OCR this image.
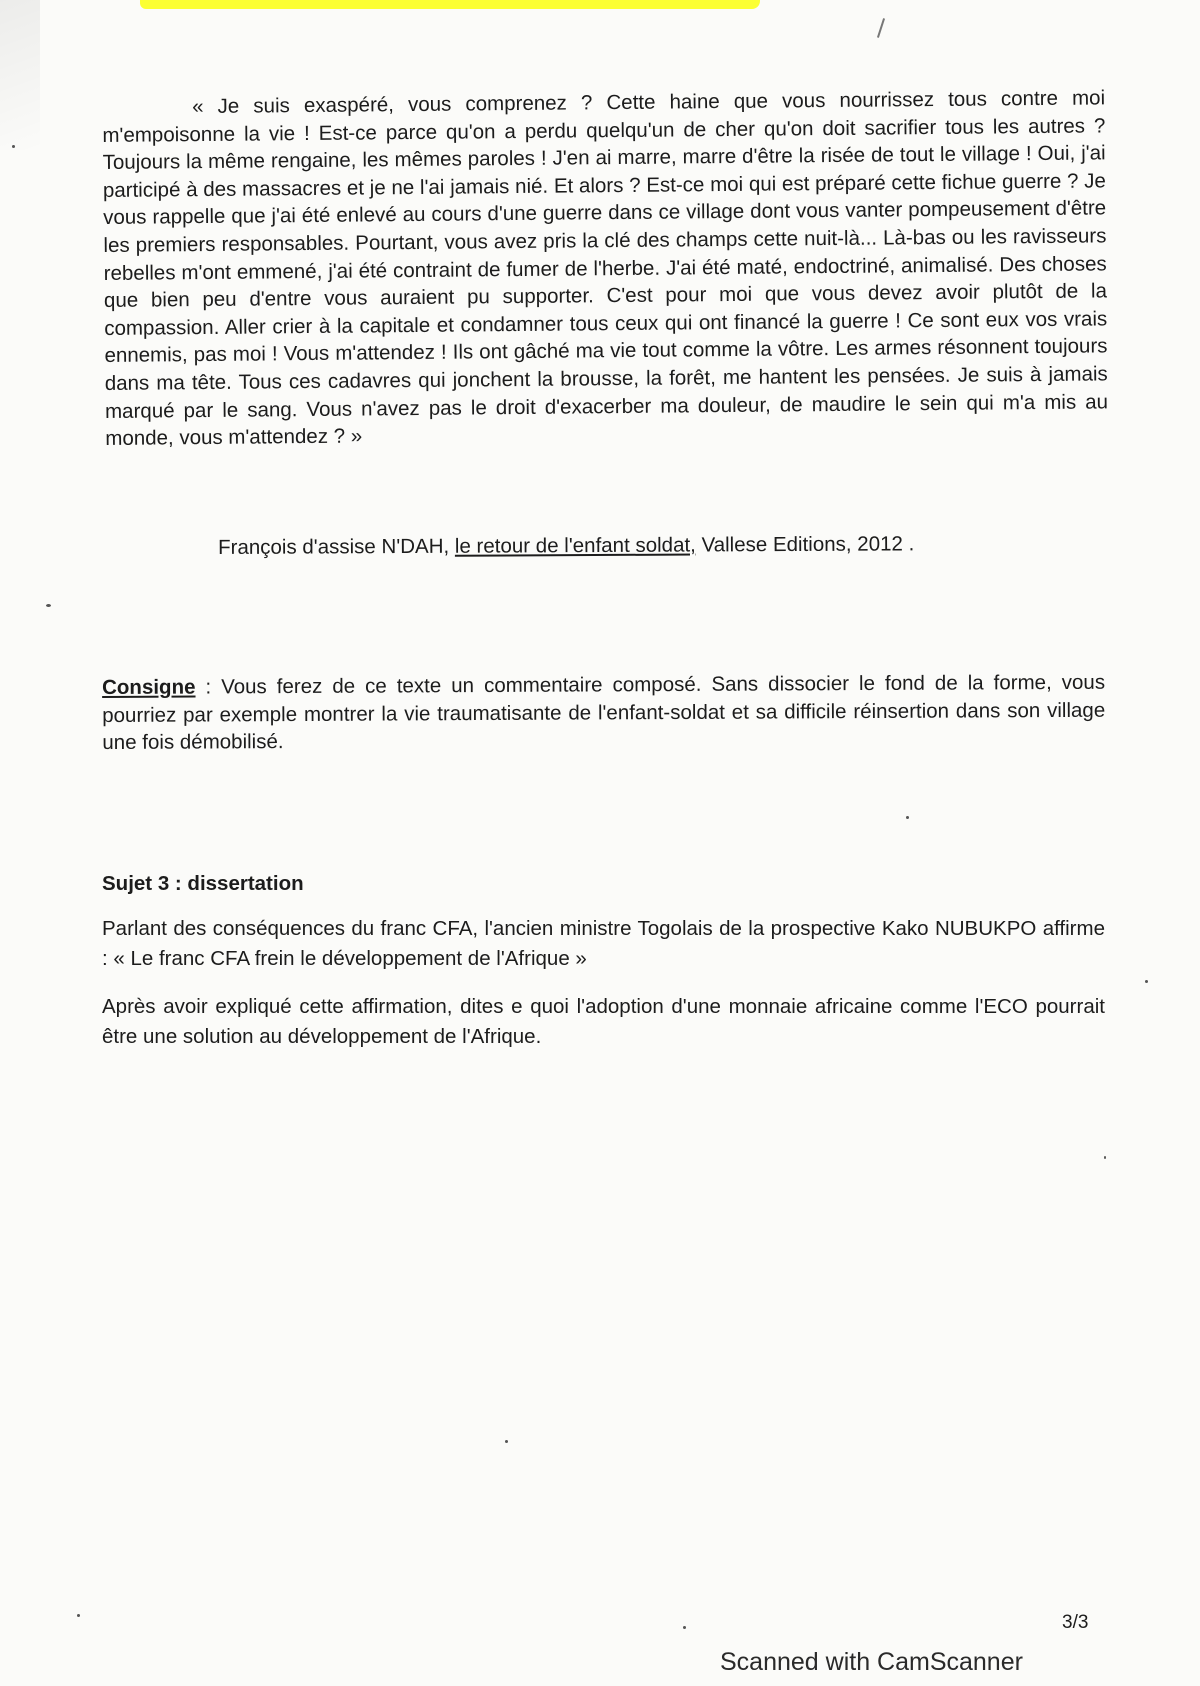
« Je suis exaspéré, vous comprenez ? Cette haine que vous nourrissez tous contre moi m'empoisonne la vie ! Est-ce parce qu'on a perdu quelqu'un de cher qu'on doit sacrifier tous les autres ? Toujours la même rengaine, les mêmes paroles ! J'en ai marre, marre d'être la risée de tout le village ! Oui, j'ai participé à des massacres et je ne l'ai jamais nié. Et alors ? Est-ce moi qui est préparé cette fichue guerre ? Je vous rappelle que j'ai été enlevé au cours d'une guerre dans ce village dont vous vanter pompeusement d'être les premiers responsables. Pourtant, vous avez pris la clé des champs cette nuit-là... Là-bas ou les ravisseurs rebelles m'ont emmené, j'ai été contraint de fumer de l'herbe. J'ai été maté, endoctriné, animalisé. Des choses que bien peu d'entre vous auraient pu supporter. C'est pour moi que vous devez avoir plutôt de la compassion. Aller crier à la capitale et condamner tous ceux qui ont financé la guerre ! Ce sont eux vos vrais ennemis, pas moi ! Vous m'attendez ! Ils ont gâché ma vie tout comme la vôtre. Les armes résonnent toujours dans ma tête. Tous ces cadavres qui jonchent la brousse, la forêt, me hantent les pensées. Je suis à jamais marqué par le sang. Vous n'avez pas le droit d'exacerber ma douleur, de maudire le sein qui m'a mis au monde, vous m'attendez ? »

François d'assise N'DAH, le retour de l'enfant soldat, Vallese Editions, 2012 .
Consigne : Vous ferez de ce texte un commentaire composé. Sans dissocier le fond de la forme, vous pourriez par exemple montrer la vie traumatisante de l'enfant-soldat et sa difficile réinsertion dans son village une fois démobilisé.
Sujet 3 : dissertation

Parlant des conséquences du franc CFA, l'ancien ministre Togolais de la prospective Kako NUBUKPO affirme : « Le franc CFA frein le développement de l'Afrique »

Après avoir expliqué cette affirmation, dites e quoi l'adoption d'une monnaie africaine comme l'ECO pourrait être une solution au développement de l'Afrique.

3/3
Scanned with CamScanner
